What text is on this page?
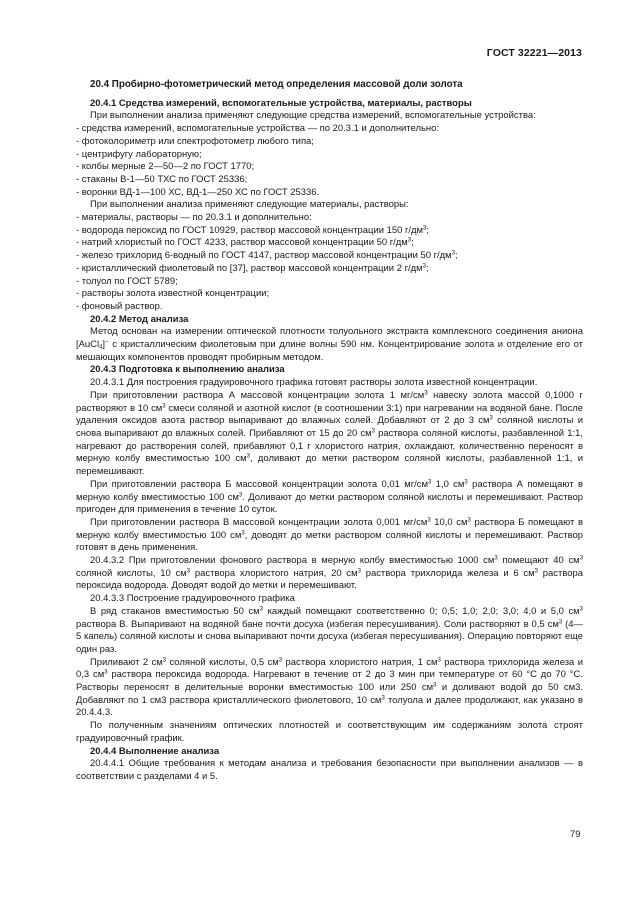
ГОСТ 32221—2013

20.4 Пробирно-фотометрический метод определения массовой доли золота

20.4.1 Средства измерений, вспомогательные устройства, материалы, растворы

При выполнении анализа применяют следующие средства измерений, вспомогательные устройства:

- средства измерений, вспомогательные устройства — по 20.3.1 и дополнительно:

- фотоколориметр или спектрофотометр любого типа;

- центрифугу лабораторную;

- колбы мерные 2—50—2 по ГОСТ 1770;

- стаканы В-1—50 ТХС по ГОСТ 25336;

- воронки ВД-1—100 ХС, ВД-1—250 ХС по ГОСТ 25336.

При выполнении анализа применяют следующие материалы, растворы:

- материалы, растворы — по 20.3.1 и дополнительно:

- водорода пероксид по ГОСТ 10929, раствор массовой концентрации 150 $г/дм^3$;

- натрий хлористый по ГОСТ 4233, раствор массовой концентрации 50 $г/дм^3$;

- железо трихлорид 6-водный по ГОСТ 4147, раствор массовой концентрации 50 $г/дм^3$;

- кристаллический фиолетовый по [37], раствор массовой концентрации 2 $г/дм^3$;

- толуол по ГОСТ 5789;

- растворы золота известной концентрации;

- фоновый раствор.

20.4.2 Метод анализа

Метод основан на измерении оптической плотности толуольного экстракта комплексного соединения аниона [AuCl$_4$]− с кристаллическим фиолетовым при длине волны 590 нм. Концентрирование золота и отделение его от мешающих компонентов проводят пробирным методом.

20.4.3 Подготовка к выполнению анализа

20.4.3.1 Для построения градуировочного графика готовят растворы золота известной концентрации.

При приготовлении раствора А массовой концентрации золота 1 $мг/см^3$ навеску золота массой 0,1000 г растворяют в 10 $см^3$ смеси соляной и азотной кислот (в соотношении 3:1) при нагревании на водяной бане. После удаления оксидов азота раствор выпаривают до влажных солей. Добавляют от 2 до 3 $см^3$ соляной кислоты и снова выпаривают до влажных солей. Прибавляют от 15 до 20 $см^3$ раствора соляной кислоты, разбавленной 1:1, нагревают до растворения солей, прибавляют 0,1 г хлористого натрия, охлаждают, количественно переносят в мерную колбу вместимостью 100 $см^3$, доливают до метки раствором соляной кислоты, разбавленной 1:1, и перемешивают.

При приготовлении раствора Б массовой концентрации золота 0,01 $мг/см^3$ 1,0 $см^3$ раствора А помещают в мерную колбу вместимостью 100 $см^3$. Доливают до метки раствором соляной кислоты и перемешивают. Раствор пригоден для применения в течение 10 суток.

При приготовлении раствора В массовой концентрации золота 0,001 $мг/см^3$ 10,0 $см^3$ раствора Б помещают в мерную колбу вместимостью 100 $см^3$, доводят до метки раствором соляной кислоты и перемешивают. Раствор готовят в день применения.

20.4.3.2 При приготовлении фонового раствора в мерную колбу вместимостью 1000 $см^3$ помещают 40 $см^3$ соляной кислоты, 10 $см^3$ раствора хлористого натрия, 20 $см^3$ раствора трихлорида железа и 6 $см^3$ раствора пероксида водорода. Доводят водой до метки и перемешивают.

20.4.3.3 Построение градуировочного графика

В ряд стаканов вместимостью 50 $см^3$ каждый помещают соответственно 0; 0,5; 1,0; 2,0; 3,0; 4,0 и 5,0 $см^3$ раствора В. Выпаривают на водяной бане почти досуха (избегая пересушивания). Соли растворяют в 0,5 $см^3$ (4—5 капель) соляной кислоты и снова выпаривают почти досуха (избегая пересушивания). Операцию повторяют еще один раз.

Приливают 2 $см^3$ соляной кислоты, 0,5 $см^3$ раствора хлористого натрия, 1 $см^3$ раствора трихлорида железа и 0,3 $см^3$ раствора пероксида водорода. Нагревают в течение от 2 до 3 мин при температуре от 60 °С до 70 °С. Растворы переносят в делительные воронки вместимостью 100 или 250 $см^3$ и доливают водой до 50 см3. Добавляют по 1 см3 раствора кристаллического фиолетового, 10 $см^3$ толуола и далее продолжают, как указано в 20.4.4.3.

По полученным значениям оптических плотностей и соответствующим им содержаниям золота строят градуировочный график.

20.4.4 Выполнение анализа

20.4.4.1 Общие требования к методам анализа и требования безопасности при выполнении анализов — в соответствии с разделами 4 и 5.

79
